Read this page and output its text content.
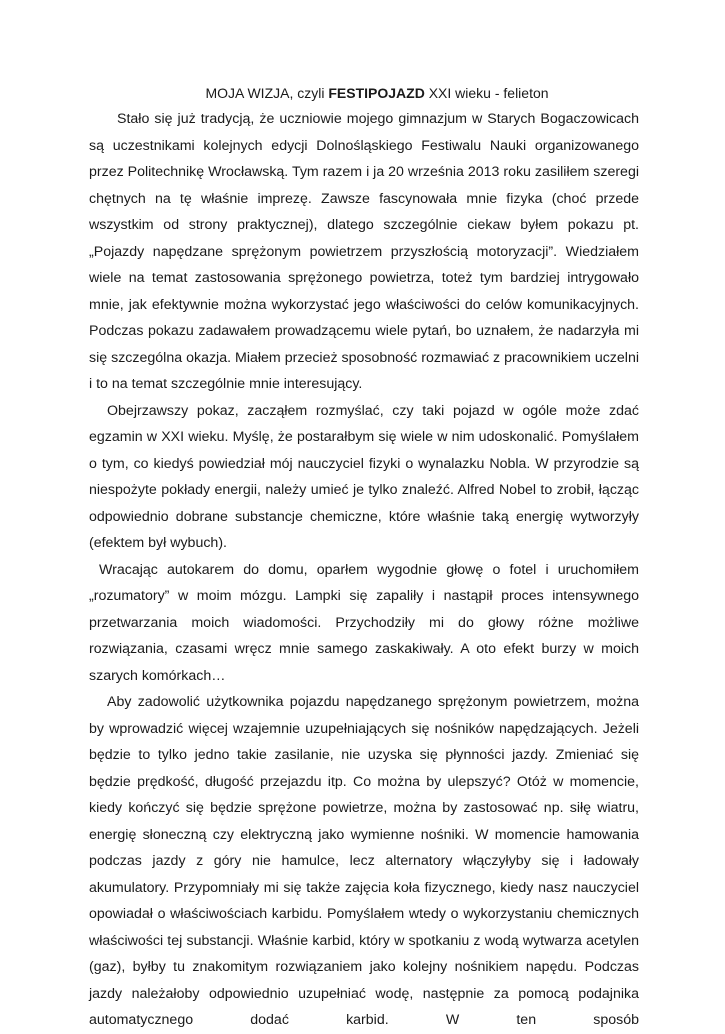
MOJA WIZJA, czyli FESTIPOJAZD XXI wieku - felieton

Stało się już tradycją, że uczniowie mojego gimnazjum w Starych Bogaczowicach są uczestnikami kolejnych edycji Dolnośląskiego Festiwalu Nauki organizowanego przez Politechnikę Wrocławską. Tym razem i ja 20 września 2013 roku zasiliłem szeregi chętnych na tę właśnie imprezę. Zawsze fascynowała mnie fizyka (choć przede wszystkim od strony praktycznej), dlatego szczególnie ciekaw byłem pokazu pt. „Pojazdy napędzane sprężonym powietrzem przyszłością motoryzacji”. Wiedziałem wiele na temat zastosowania sprężonego powietrza, toteż tym bardziej intrygowało mnie, jak efektywnie można wykorzystać jego właściwości do celów komunikacyjnych. Podczas pokazu zadawałem prowadzącemu wiele pytań, bo uznałem, że nadarzyła mi się szczególna okazja. Miałem przecież sposobność rozmawiać z pracownikiem uczelni i to na temat szczególnie mnie interesujący.

Obejrzawszy pokaz, zacząłem rozmyślać, czy taki pojazd w ogóle może zdać egzamin w XXI wieku. Myślę, że postarałbym się wiele w nim udoskonalić. Pomyślałem o tym, co kiedyś powiedział mój nauczyciel fizyki o wynalazku Nobla. W przyrodzie są niespożyte pokłady energii, należy umieć je tylko znaleźć. Alfred Nobel to zrobił, łącząc odpowiednio dobrane substancje chemiczne, które właśnie taką energię wytworzyły (efektem był wybuch).

Wracając autokarem do domu, oparłem wygodnie głowę o fotel i uruchomiłem „rozumatory” w moim mózgu. Lampki się zapaliły i nastąpił proces intensywnego przetwarzania moich wiadomości. Przychodziły mi do głowy różne możliwe rozwiązania, czasami wręcz mnie samego zaskakiwały. A oto efekt burzy w moich szarych komórkach…

Aby zadowolić użytkownika pojazdu napędzanego sprężonym powietrzem, można by wprowadzić więcej wzajemnie uzupełniających się nośników napędzających. Jeżeli będzie to tylko jedno takie zasilanie, nie uzyska się płynności jazdy. Zmieniać się będzie prędkość, długość przejazdu itp. Co można by ulepszyć? Otóż w momencie, kiedy kończyć się będzie sprężone powietrze, można by zastosować np. siłę wiatru, energię słoneczną czy elektryczną jako wymienne nośniki. W momencie hamowania podczas jazdy z góry nie hamulce, lecz alternatory włączyłyby się i ładowały akumulatory. Przypomniały mi się także zajęcia koła fizycznego, kiedy nasz nauczyciel opowiadał o właściwościach karbidu. Pomyślałem wtedy o wykorzystaniu chemicznych właściwości tej substancji. Właśnie karbid, który w spotkaniu z wodą wytwarza acetylen (gaz), byłby tu znakomitym rozwiązaniem jako kolejny nośnikiem napędu. Podczas jazdy należałoby odpowiednio uzupełniać wodę, następnie za pomocą podajnika automatycznego dodać karbid. W ten sposób
